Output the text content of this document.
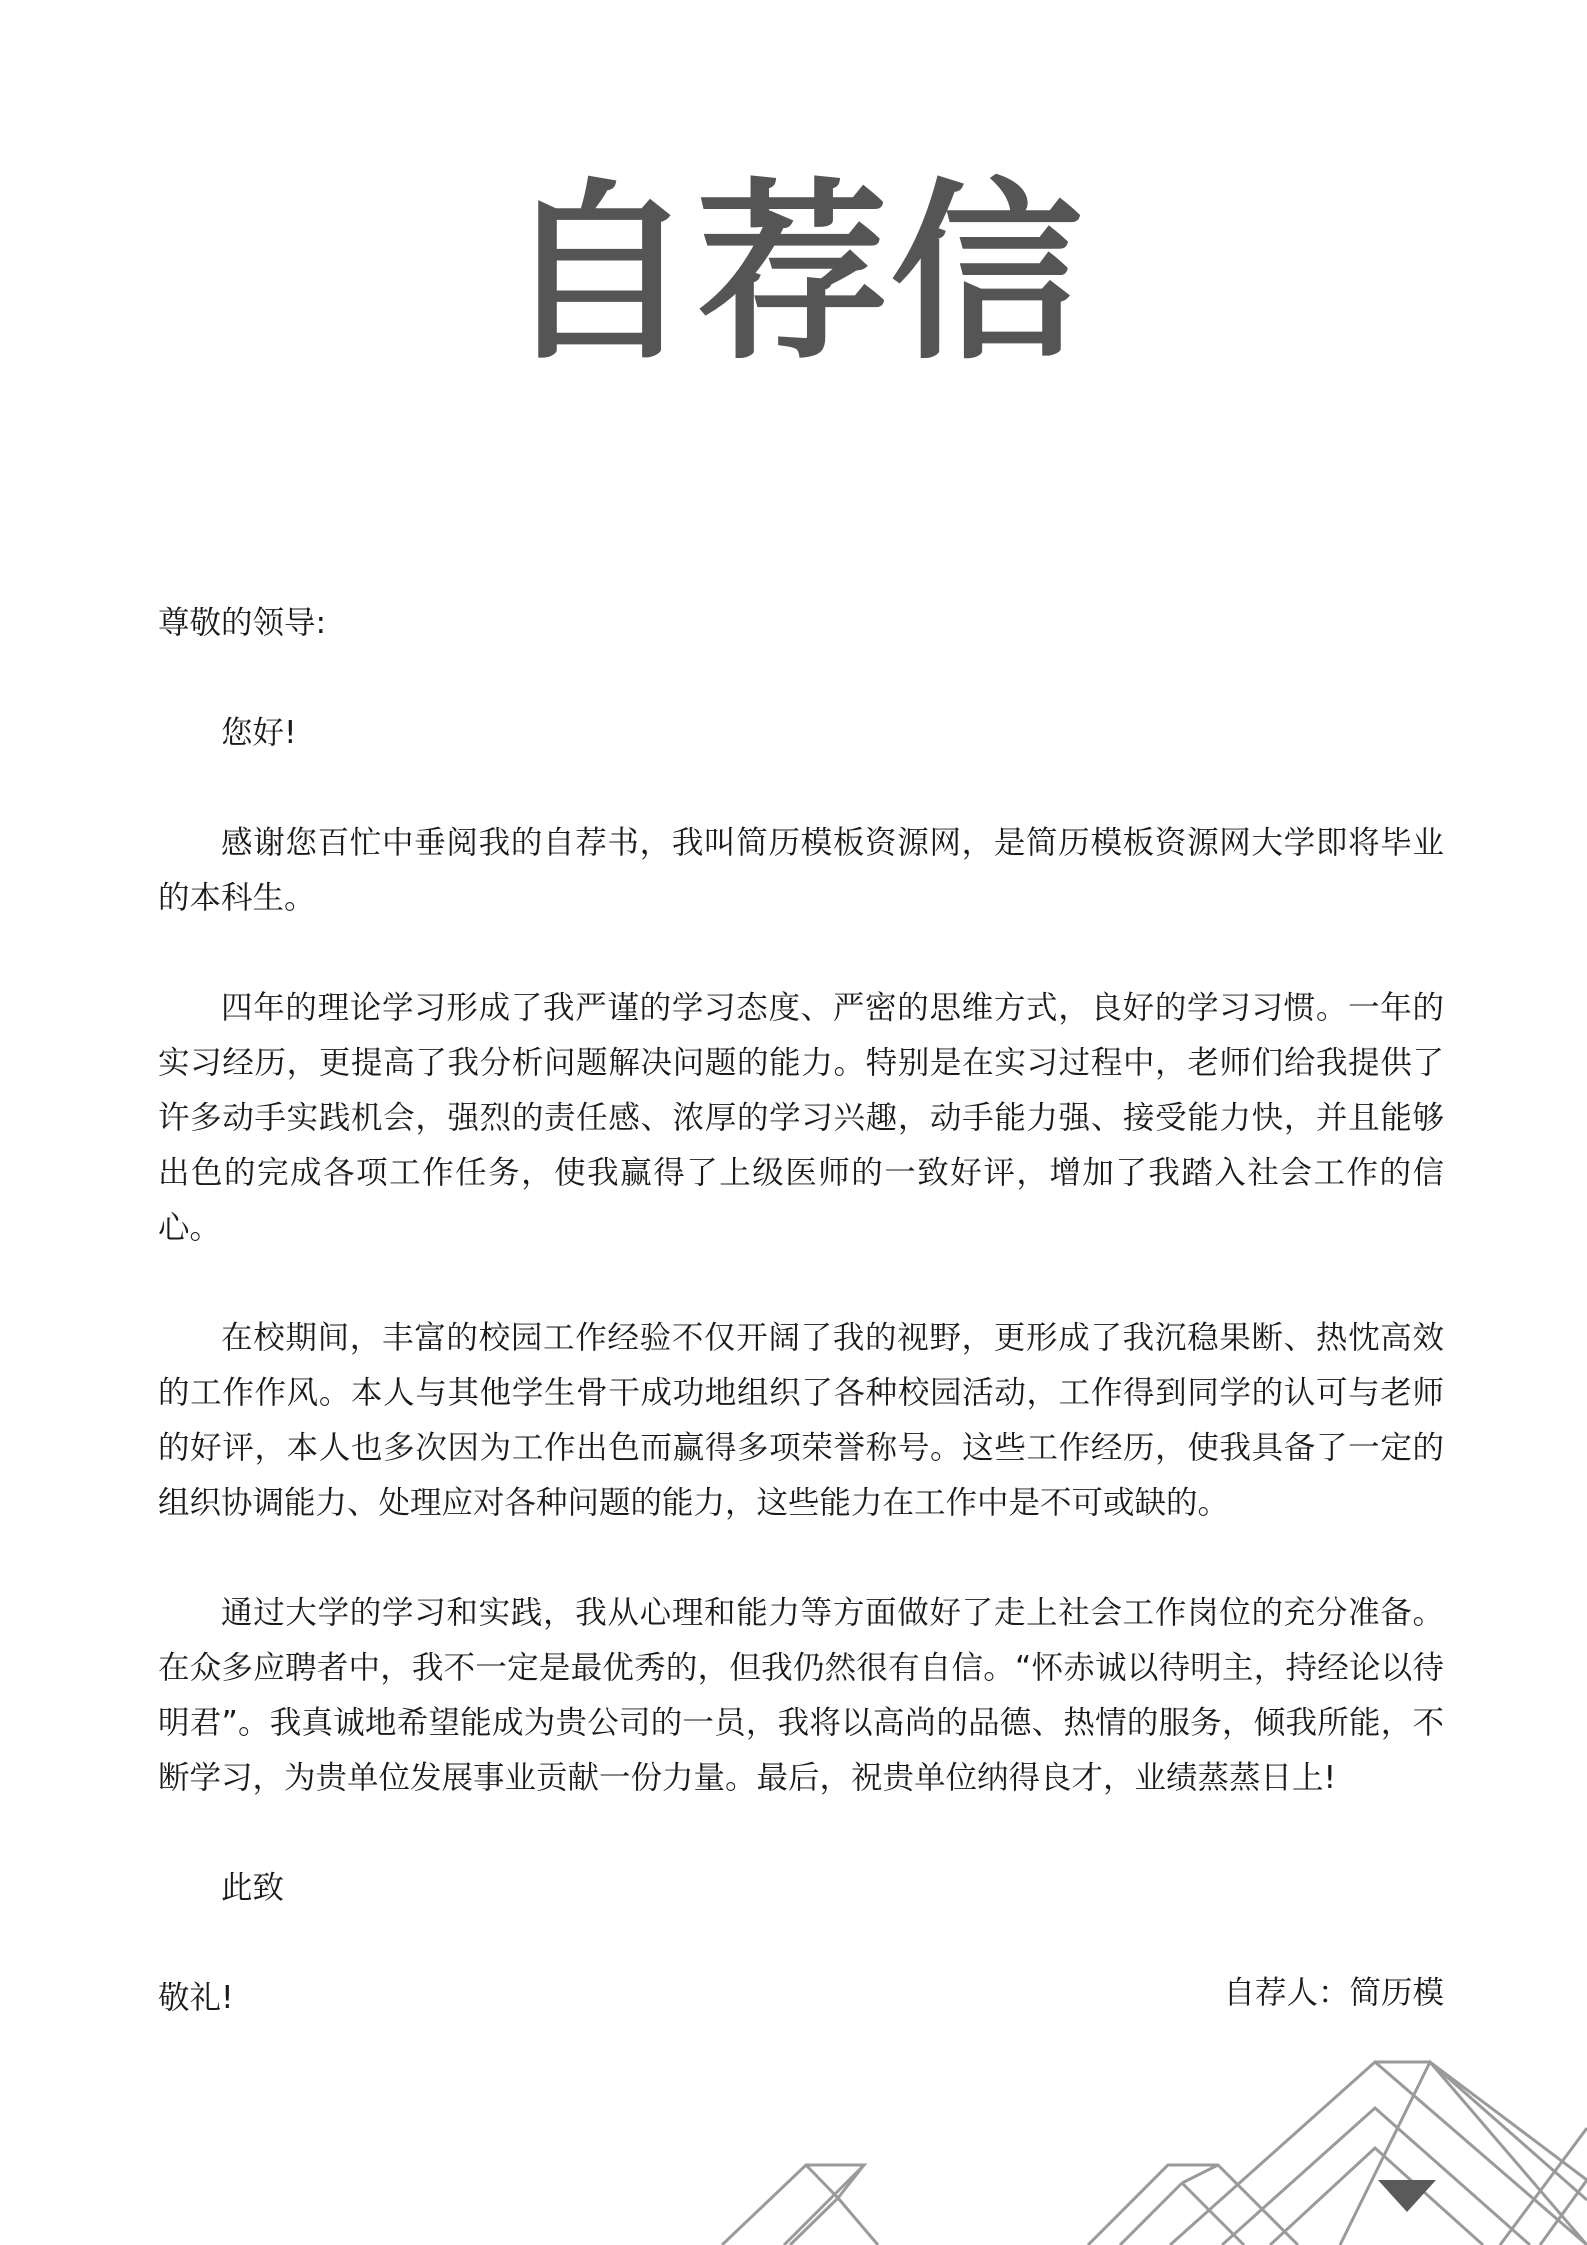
自荐信

尊敬的领导:

您好!

感谢您百忙中垂阅我的自荐书，我叫简历模板资源网，是简历模板资源网大学即将毕业的本科生。

四年的理论学习形成了我严谨的学习态度、严密的思维方式，良好的学习习惯。一年的实习经历，更提高了我分析问题解决问题的能力。特别是在实习过程中，老师们给我提供了许多动手实践机会，强烈的责任感、浓厚的学习兴趣，动手能力强、接受能力快，并且能够出色的完成各项工作任务，使我赢得了上级医师的一致好评，增加了我踏入社会工作的信心。

在校期间，丰富的校园工作经验不仅开阔了我的视野，更形成了我沉稳果断、热忱高效的工作作风。本人与其他学生骨干成功地组织了各种校园活动，工作得到同学的认可与老师的好评，本人也多次因为工作出色而赢得多项荣誉称号。这些工作经历，使我具备了一定的组织协调能力、处理应对各种问题的能力，这些能力在工作中是不可或缺的。

通过大学的学习和实践，我从心理和能力等方面做好了走上社会工作岗位的充分准备。在众多应聘者中，我不一定是最优秀的，但我仍然很有自信。“怀赤诚以待明主，持经论以待明君”。我真诚地希望能成为贵公司的一员，我将以高尚的品德、热情的服务，倾我所能，不断学习，为贵单位发展事业贡献一份力量。最后，祝贵单位纳得良才，业绩蒸蒸日上!

此致

敬礼!	自荐人：简历模
